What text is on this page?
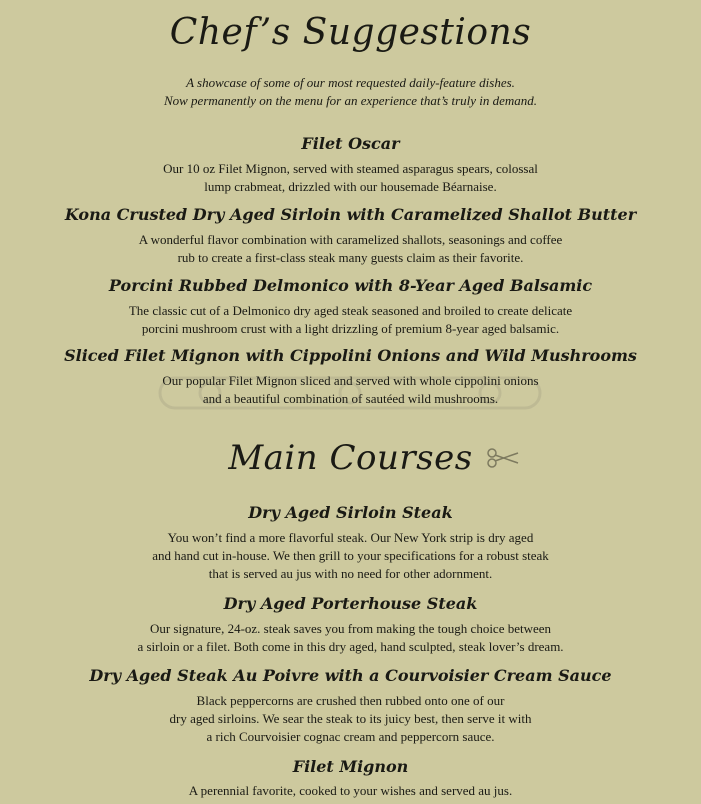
Chef’s Suggestions

A showcase of some of our most requested daily-feature dishes.

Now permanently on the menu for an experience that’s truly in demand.

Filet Oscar

Our 10 oz Filet Mignon, served with steamed asparagus spears, colossal

lump crabmeat, drizzled with our housemade Béarnaise.

Kona Crusted Dry Aged Sirloin with Caramelized Shallot Butter

A wonderful flavor combination with caramelized shallots, seasonings and coffee

rub to create a first-class steak many guests claim as their favorite.

Porcini Rubbed Delmonico with 8-Year Aged Balsamic

The classic cut of a Delmonico dry aged steak seasoned and broiled to create delicate

porcini mushroom crust with a light drizzling of premium 8-year aged balsamic.

Sliced Filet Mignon with Cippolini Onions and Wild Mushrooms

Our popular Filet Mignon sliced and served with whole cippolini onions

and a beautiful combination of sautéed wild mushrooms.

Main Courses
Dry Aged Sirloin Steak

You won’t find a more flavorful steak. Our New York strip is dry aged

and hand cut in-house. We then grill to your specifications for a robust steak

that is served au jus with no need for other adornment.

Dry Aged Porterhouse Steak

Our signature, 24-oz. steak saves you from making the tough choice between

a sirloin or a filet. Both come in this dry aged, hand sculpted, steak lover’s dream.

Dry Aged Steak Au Poivre with a Courvoisier Cream Sauce

Black peppercorns are crushed then rubbed onto one of our

dry aged sirloins. We sear the steak to its juicy best, then serve it with

a rich Courvoisier cognac cream and peppercorn sauce.

Filet Mignon

A perennial favorite, cooked to your wishes and served au jus.
